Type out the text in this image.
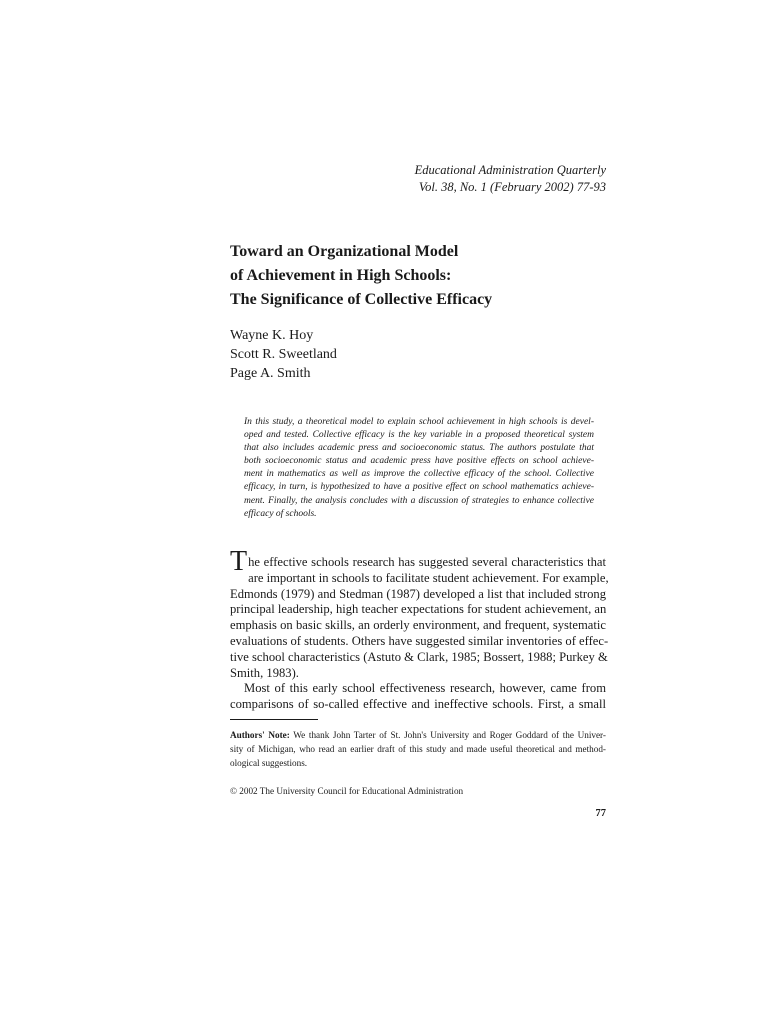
Educational Administration Quarterly
Vol. 38, No. 1 (February 2002) 77-93
Toward an Organizational Model
of Achievement in High Schools:
The Significance of Collective Efficacy
Wayne K. Hoy
Scott R. Sweetland
Page A. Smith
In this study, a theoretical model to explain school achievement in high schools is devel-
oped and tested. Collective efficacy is the key variable in a proposed theoretical system
that also includes academic press and socioeconomic status. The authors postulate that
both socioeconomic status and academic press have positive effects on school achieve-
ment in mathematics as well as improve the collective efficacy of the school. Collective
efficacy, in turn, is hypothesized to have a positive effect on school mathematics achieve-
ment. Finally, the analysis concludes with a discussion of strategies to enhance collective
efficacy of schools.
T he effective schools research has suggested several characteristics that
are important in schools to facilitate student achievement. For example,
Edmonds (1979) and Stedman (1987) developed a list that included strong
principal leadership, high teacher expectations for student achievement, an
emphasis on basic skills, an orderly environment, and frequent, systematic
evaluations of students. Others have suggested similar inventories of effec-
tive school characteristics (Astuto & Clark, 1985; Bossert, 1988; Purkey &
Smith, 1983).
Most of this early school effectiveness research, however, came from
comparisons of so-called effective and ineffective schools. First, a small
Authors' Note: We thank John Tarter of St. John's University and Roger Goddard of the Univer-
sity of Michigan, who read an earlier draft of this study and made useful theoretical and method-
ological suggestions.
© 2002 The University Council for Educational Administration
77
